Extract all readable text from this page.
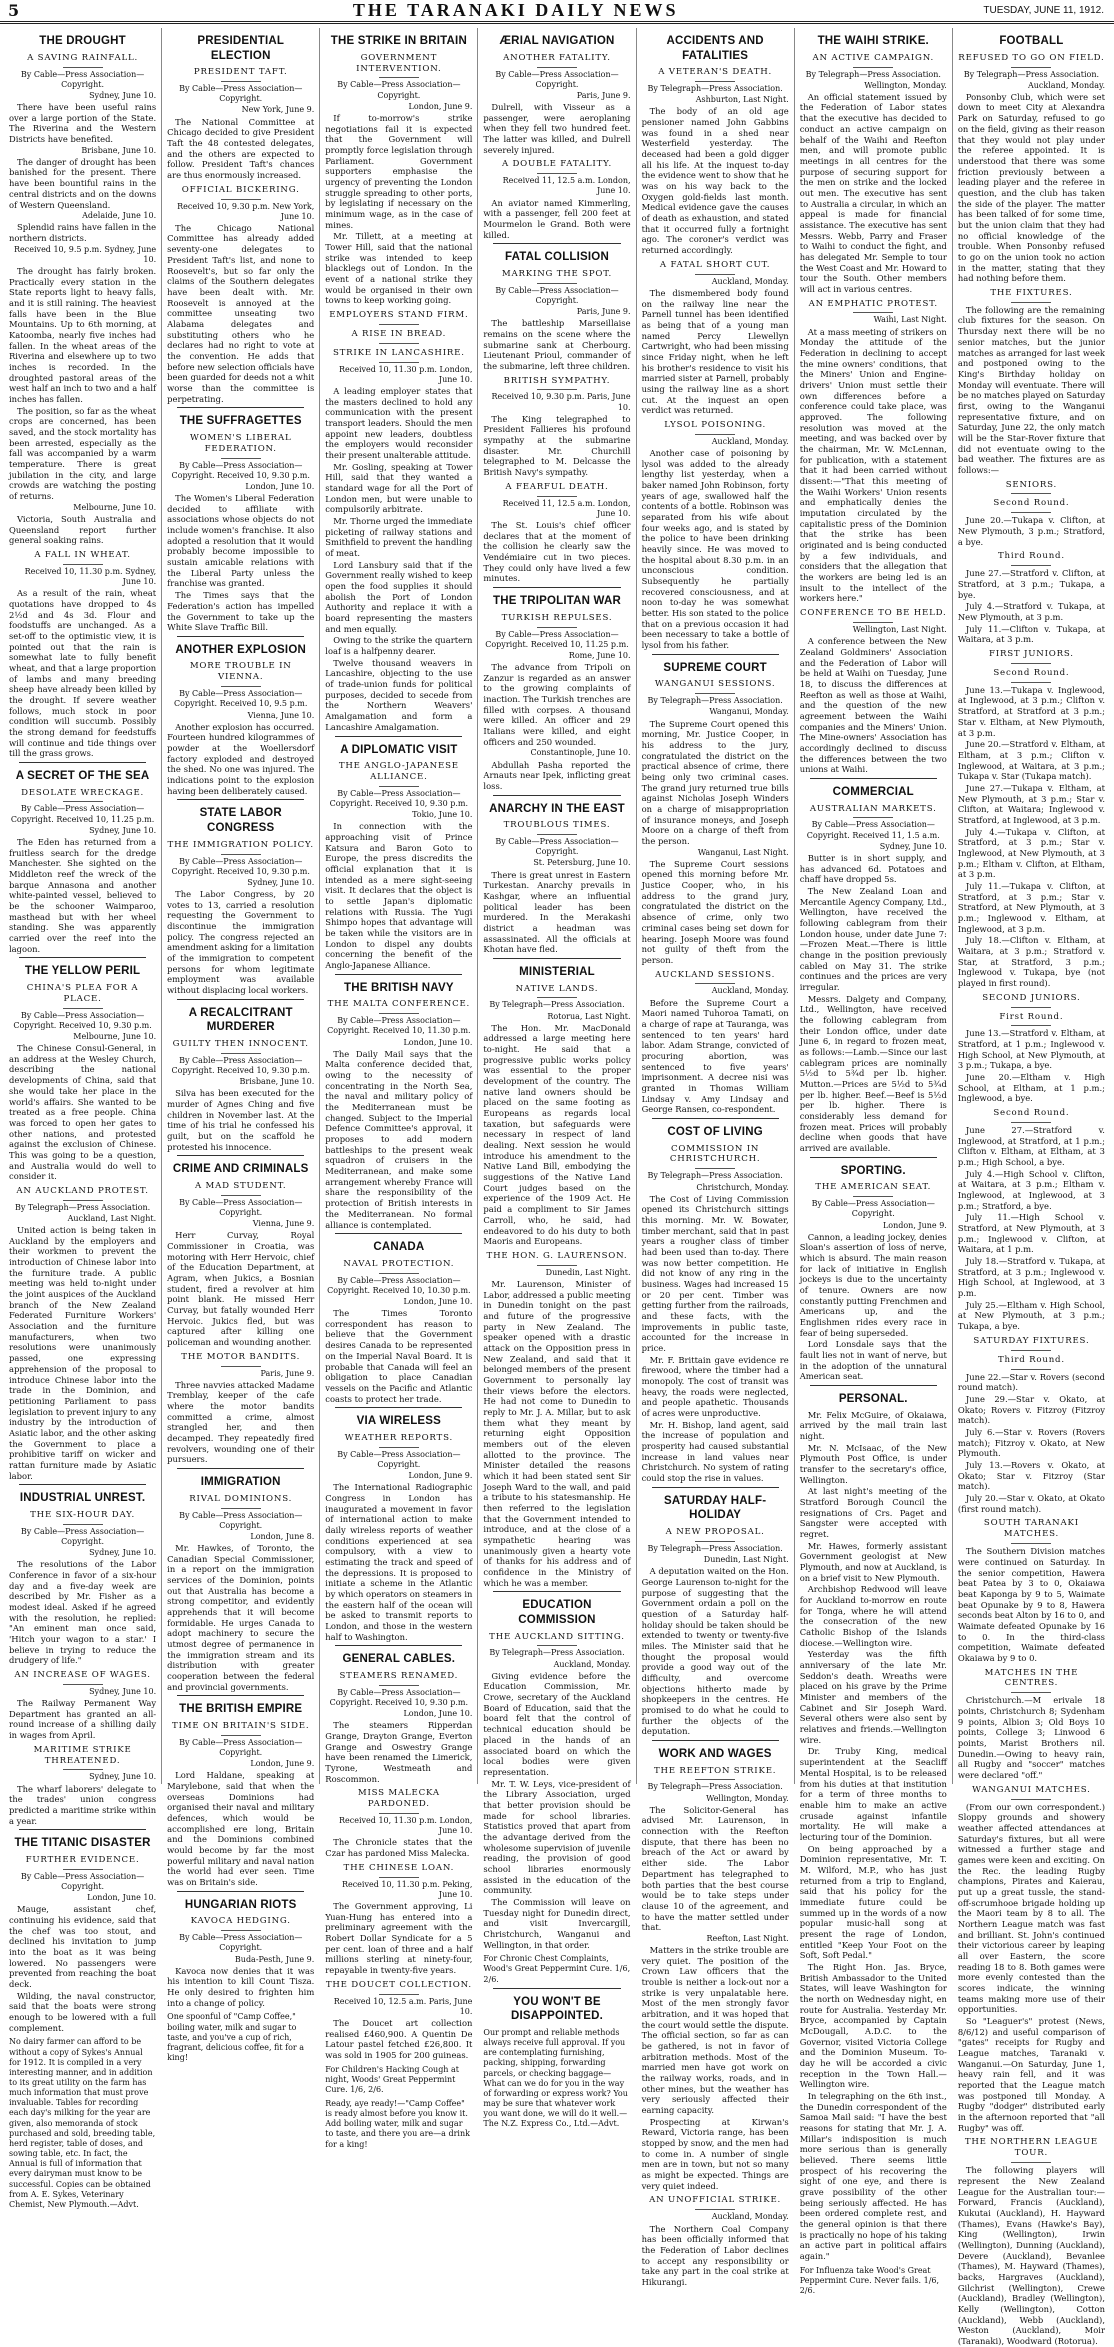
5	THE TARANAKI DAILY NEWS	TUESDAY, JUNE 11, 1912.
THE DROUGHT
A SAVING RAINFALL.
By Cable—Press Association—Copyright.
Sydney, June 10.
There have been useful rains over a large portion of the State. The Riverina and the Western Districts have benefited.
Brisbane, June 10.
The danger of drought has been banished for the present. There have been bountiful rains in the central districts and on the downs of Western Queensland.
Adelaide, June 10.
Splendid rains have fallen in the northern districts.
Received 10, 9.5 p.m. Sydney, June 10.
The drought has fairly broken. Practically every station in the State reports light to heavy falls, and it is still raining. The heaviest falls have been in the Blue Mountains. Up to 6th morning, at Katoomba, nearly five inches had fallen. In the wheat areas of the Riverina and elsewhere up to two inches is recorded. In the droughted pastoral areas of the west half an inch to two and a half inches has fallen.
The position, so far as the wheat crops are concerned, has been saved, and the stock mortality has been arrested, especially as the fall was accompanied by a warm temperature. There is great jubilation in the city, and large crowds are watching the posting of returns.
Melbourne, June 10.
Victoria, South Australia and Queensland report further general soaking rains.
A FALL IN WHEAT.
Received 10, 11.30 p.m. Sydney, June 10.
As a result of the rain, wheat quotations have dropped to 4s 2½d and 4s 3d. Flour and foodstuffs are unchanged. As a set-off to the optimistic view, it is pointed out that the rain is somewhat late to fully benefit wheat, and that a large proportion of lambs and many breeding sheep have already been killed by the drought. If severe weather follows, much stock in poor condition will succumb. Possibly the strong demand for feedstuffs will continue and tide things over till the grass grows.
A SECRET OF THE SEA
DESOLATE WRECKAGE.
By Cable—Press Association—Copyright. Received 10, 11.25 p.m.
Sydney, June 10.
The Eden has returned from a fruitless search for the dredge Manchester. She sighted on the Middleton reef the wreck of the barque Annasona and another white-painted vessel, believed to be the schooner Waimparoo, masthead but with her wheel standing. She was apparently carried over the reef into the lagoon.
THE YELLOW PERIL
CHINA'S PLEA FOR A PLACE.
By Cable—Press Association—Copyright. Received 10, 9.30 p.m.
Melbourne, June 10.
The Chinese Consul-General, in an address at the Wesley Church, describing the national developments of China, said that she would take her place in the world's affairs. She wanted to be treated as a free people. China was forced to open her gates to other nations, and protested against the exclusion of Chinese. This was going to be a question, and Australia would do well to consider it.
AN AUCKLAND PROTEST.
By Telegraph—Press Association.
Auckland, Last Night.
United action is being taken in Auckland by the employers and their workmen to prevent the introduction of Chinese labor into the furniture trade. A public meeting was held to-night under the joint auspices of the Auckland branch of the New Zealand Federated Furniture Workers' Association and the furniture manufacturers, when two resolutions were unanimously passed, one expressing apprehension of the proposal to introduce Chinese labor into the trade in the Dominion, and petitioning Parliament to pass legislation to prevent injury to any industry by the introduction of Asiatic labor, and the other asking the Government to place a prohibitive tariff on wicker and rattan furniture made by Asiatic labor.
INDUSTRIAL UNREST.
THE SIX-HOUR DAY.
By Cable—Press Association—Copyright.
Sydney, June 10.
The resolutions of the Labor Conference in favor of a six-hour day and a five-day week are described by Mr. Fisher as a modest ideal. Asked if he agreed with the resolution, he replied: "An eminent man once said, 'Hitch your wagon to a star.' I believe in trying to reduce the drudgery of life."
AN INCREASE OF WAGES.
Sydney, June 10.
The Railway Permanent Way Department has granted an all-round increase of a shilling daily in wages from April.
MARITIME STRIKE THREATENED.
Sydney, June 10.
The wharf laborers' delegate to the trades' union congress predicted a maritime strike within a year.
THE TITANIC DISASTER
FURTHER EVIDENCE.
By Cable—Press Association—Copyright.
London, June 10.
Mauge, assistant chef, continuing his evidence, said that the chef was too stout, and declined his invitation to jump into the boat as it was being lowered. No passengers were prevented from reaching the boat deck.
Wilding, the naval constructor, said that the boats were strong enough to be lowered with a full complement.
No dairy farmer can afford to be without a copy of Sykes's Annual for 1912. It is compiled in a very interesting manner, and in addition to its great utility on the farm has much information that must prove invaluable. Tables for recording each day's milking for the year are given, also memoranda of stock purchased and sold, breeding table, herd register, table of doses, and sowing table, etc. In fact, the Annual is full of information that every dairyman must know to be successful. Copies can be obtained from A. E. Sykes, Veterinary Chemist, New Plymouth.—Advt.
PRESIDENTIAL ELECTION
PRESIDENT TAFT.
By Cable—Press Association—Copyright.
New York, June 9.
The National Committee at Chicago decided to give President Taft the 48 contested delegates, and the others are expected to follow. President Taft's chances are thus enormously increased.
OFFICIAL BICKERING.
Received 10, 9.30 p.m. New York, June 10.
The Chicago National Committee has already added seventy-one delegates to President Taft's list, and none to Roosevelt's, but so far only the claims of the Southern delegates have been dealt with. Mr. Roosevelt is annoyed at the committee unseating two Alabama delegates and substituting others who he declares had no right to vote at the convention. He adds that before new selection officials have been guarded for deeds not a whit worse than the committee is perpetrating.
THE SUFFRAGETTES
WOMEN'S LIBERAL FEDERATION.
By Cable—Press Association—Copyright. Received 10, 9.30 p.m.
London, June 10.
The Women's Liberal Federation decided to affiliate with associations whose objects do not include women's franchise. It also adopted a resolution that it would probably become impossible to sustain amicable relations with the Liberal Party unless the franchise was granted.
The Times says that the Federation's action has impelled the Government to take up the White Slave Traffic Bill.
ANOTHER EXPLOSION
MORE TROUBLE IN VIENNA.
By Cable—Press Association—Copyright. Received 10, 9.5 p.m.
Vienna, June 10.
Another explosion has occurred. Fourteen hundred kilogrammes of powder at the Woellersdorf factory exploded and destroyed the shed. No one was injured. The indications point to the explosion having been deliberately caused.
STATE LABOR CONGRESS
THE IMMIGRATION POLICY.
By Cable—Press Association—Copyright. Received 10, 9.30 p.m.
Sydney, June 10.
The Labor Congress, by 20 votes to 13, carried a resolution requesting the Government to discontinue the immigration policy. The congress rejected an amendment asking for a limitation of the immigration to competent persons for whom legitimate employment was available without displacing local workers.
A RECALCITRANT MURDERER
GUILTY THEN INNOCENT.
By Cable—Press Association—Copyright. Received 10, 9.30 p.m.
Brisbane, June 10.
Silva has been executed for the murder of Agnes Ching and five children in November last. At the time of his trial he confessed his guilt, but on the scaffold he protested his innocence.
CRIME AND CRIMINALS
A MAD STUDENT.
By Cable—Press Association—Copyright.
Vienna, June 9.
Herr Curvay, Royal Commissioner in Croatia, was motoring with Herr Hervoic, chief of the Education Department, at Agram, when Jukics, a Bosnian student, fired a revolver at him point blank. He missed Herr Curvay, but fatally wounded Herr Hervoic. Jukics fled, but was captured after killing one policeman and wounding another.
THE MOTOR BANDITS.
Paris, June 9.
Three navvies attacked Madame Tremblay, keeper of the cafe where the motor bandits committed a crime, almost strangled her, and then decamped. They repeatedly fired revolvers, wounding one of their pursuers.
IMMIGRATION
RIVAL DOMINIONS.
By Cable—Press Association—Copyright.
London, June 8.
Mr. Hawkes, of Toronto, the Canadian Special Commissioner, in a report on the immigration services of the Dominion, points out that Australia has become a strong competitor, and evidently apprehends that it will become formidable. He urges Canada to adopt machinery to secure the utmost degree of permanence in the immigration stream and its distribution with greater cooperation between the federal and provincial governments.
THE BRITISH EMPIRE
TIME ON BRITAIN'S SIDE.
By Cable—Press Association—Copyright.
London, June 9.
Lord Haldane, speaking at Marylebone, said that when the overseas Dominions had organised their naval and military defences, which would be accomplished ere long, Britain and the Dominions combined would become by far the most powerful military and naval nation the world had ever seen. Time was on Britain's side.
HUNGARIAN RIOTS
KAVOCA HEDGING.
By Cable—Press Association—Copyright.
Buda-Pesth, June 9.
Kavoca now denies that it was his intention to kill Count Tisza. He only desired to frighten him into a change of policy.
One spoonful of "Camp Coffee," boiling water, milk and sugar to taste, and you've a cup of rich, fragrant, delicious coffee, fit for a king!
THE STRIKE IN BRITAIN
GOVERNMENT INTERVENTION.
By Cable—Press Association—Copyright.
London, June 9.
If to-morrow's strike negotiations fail it is expected that the Government will promptly force legislation through Parliament. Government supporters emphasise the urgency of preventing the London struggle spreading to other ports, by legislating if necessary on the minimum wage, as in the case of mines.
Mr. Tillett, at a meeting at Tower Hill, said that the national strike was intended to keep blacklegs out of London. In the event of a national strike they would be organised in their own towns to keep working going.
EMPLOYERS STAND FIRM.
A RISE IN BREAD.
STRIKE IN LANCASHIRE.
Received 10, 11.30 p.m. London, June 10.
A leading employer states that the masters declined to hold any communication with the present transport leaders. Should the men appoint new leaders, doubtless the employers would reconsider their present unalterable attitude.
Mr. Gosling, speaking at Tower Hill, said that they wanted a standard wage for all the Port of London men, but were unable to compulsorily arbitrate.
Mr. Thorne urged the immediate picketing of railway stations and Smithfield to prevent the handling of meat.
Lord Lansbury said that if the Government really wished to keep open the food supplies it should abolish the Port of London Authority and replace it with a board representing the masters and men equally.
Owing to the strike the quartern loaf is a halfpenny dearer.
Twelve thousand weavers in Lancashire, objecting to the use of trade-union funds for political purposes, decided to secede from the Northern Weavers' Amalgamation and form a Lancashire Amalgamation.
A DIPLOMATIC VISIT
THE ANGLO-JAPANESE ALLIANCE.
By Cable—Press Association—Copyright. Received 10, 9.30 p.m.
Tokio, June 10.
In connection with the approaching visit of Prince Katsura and Baron Goto to Europe, the press discredits the official explanation that it is intended as a mere sight-seeing visit. It declares that the object is to settle Japan's diplomatic relations with Russia. The Yugi Shimpo hopes that advantage will be taken while the visitors are in London to dispel any doubts concerning the benefit of the Anglo-Japanese Alliance.
THE BRITISH NAVY
THE MALTA CONFERENCE.
By Cable—Press Association—Copyright. Received 10, 11.30 p.m.
London, June 10.
The Daily Mail says that the Malta conference decided that, owing to the necessity of concentrating in the North Sea, the naval and military policy of the Mediterranean must be changed. Subject to the Imperial Defence Committee's approval, it proposes to add modern battleships to the present weak squadron of cruisers in the Mediterranean, and make some arrangement whereby France will share the responsibility of the protection of British interests in the Mediterranean. No formal alliance is contemplated.
CANADA
NAVAL PROTECTION.
By Cable—Press Association—Copyright. Received 10, 10.30 p.m.
London, June 10.
The Times Toronto correspondent has reason to believe that the Government desires Canada to be represented on the Imperial Naval Board. It is probable that Canada will feel an obligation to place Canadian vessels on the Pacific and Atlantic coasts to protect her trade.
VIA WIRELESS
WEATHER REPORTS.
By Cable—Press Association—Copyright.
London, June 9.
The International Radiographic Congress in London has inaugurated a movement in favor of international action to make daily wireless reports of weather conditions experienced at sea compulsory, with a view to estimating the track and speed of the depressions. It is proposed to initiate a scheme in the Atlantic by which operators on steamers in the eastern half of the ocean will be asked to transmit reports to London, and those in the western half to Washington.
GENERAL CABLES.
STEAMERS RENAMED.
By Cable—Press Association—Copyright. Received 10, 9.30 p.m.
London, June 10.
The steamers Ripperdan Grange, Drayton Grange, Everton Grange and Oswestry Grange have been renamed the Limerick, Tyrone, Westmeath and Roscommon.
MISS MALECKA PARDONED.
Received 10, 11.30 p.m. London, June 10.
The Chronicle states that the Czar has pardoned Miss Malecka.
THE CHINESE LOAN.
Received 10, 11.30 p.m. Peking, June 10.
The Government approving, Li Yuan-Hung has entered into a preliminary agreement with the Robert Dollar Syndicate for a 5 per cent. loan of three and a half millions sterling at ninety-four, repayable in twenty-five years.
THE DOUCET COLLECTION.
Received 10, 12.5 a.m. Paris, June 10.
The Doucet art collection realised £460,900. A Quentin De Latour pastel fetched £26,800. It was sold in 1905 for 200 guineas.
For Children's Hacking Cough at night, Woods' Great Peppermint Cure. 1/6, 2/6.
Ready, aye ready!—"Camp Coffee" is ready almost before you know it. Add boiling water, milk and sugar to taste, and there you are—a drink for a king!
ÆRIAL NAVIGATION
ANOTHER FATALITY.
By Cable—Press Association—Copyright.
Paris, June 9.
Dulrell, with Visseur as a passenger, were aeroplaning when they fell two hundred feet. The latter was killed, and Dulrell severely injured.
A DOUBLE FATALITY.
Received 11, 12.5 a.m. London, June 10.
An aviator named Kimmerling, with a passenger, fell 200 feet at Mourmelon le Grand. Both were killed.
FATAL COLLISION
MARKING THE SPOT.
By Cable—Press Association—Copyright.
Paris, June 9.
The battleship Marseillaise remains on the scene where the submarine sank at Cherbourg. Lieutenant Prioul, commander of the submarine, left three children.
BRITISH SYMPATHY.
Received 10, 9.30 p.m. Paris, June 10.
The King telegraphed to President Fallieres his profound sympathy at the submarine disaster. Mr. Churchill telegraphed to M. Delcasse the British Navy's sympathy.
A FEARFUL DEATH.
Received 11, 12.5 a.m. London, June 10.
The St. Louis's chief officer declares that at the moment of the collision he clearly saw the Vendémiaire cut in two pieces. They could only have lived a few minutes.
THE TRIPOLITAN WAR
TURKISH REPULSES.
By Cable—Press Association—Copyright. Received 10, 11.25 p.m.
Rome, June 10.
The advance from Tripoli on Zanzur is regarded as an answer to the growing complaints of inaction. The Turkish trenches are filled with corpses. A thousand were killed. An officer and 29 Italians were killed, and eight officers and 250 wounded.
Constantinople, June 10.
Abdullah Pasha reported the Arnauts near Ipek, inflicting great loss.
ANARCHY IN THE EAST
TROUBLOUS TIMES.
By Cable—Press Association—Copyright.
St. Petersburg, June 10.
There is great unrest in Eastern Turkestan. Anarchy prevails in Kashgar, where an influential political leader has been murdered. In the Merakashi district a headman was assassinated. All the officials at Khotan have fled.
MINISTERIAL
NATIVE LANDS.
By Telegraph—Press Association.
Rotorua, Last Night.
The Hon. Mr. MacDonald addressed a large meeting here to-night. He said that a progressive public works policy was essential to the proper development of the country. The native land owners should be placed on the same footing as Europeans as regards local taxation, but safeguards were necessary in respect of land dealing. Next session he would introduce his amendment to the Native Land Bill, embodying the suggestions of the Native Land Court judges based on the experience of the 1909 Act. He paid a compliment to Sir James Carroll, who, he said, had endeavored to do his duty to both Maoris and Europeans.
THE HON. G. LAURENSON.
Dunedin, Last Night.
Mr. Laurenson, Minister of Labor, addressed a public meeting in Dunedin tonight on the past and future of the progressive party in New Zealand. The speaker opened with a drastic attack on the Opposition press in New Zealand, and said that it belonged members of the present Government to personally lay their views before the electors. He had not come to Dunedin to reply to Mr. J. A. Millar, but to ask them what they meant by returning eight Opposition members out of the eleven allotted to the province. The Minister detailed the reasons which it had been stated sent Sir Joseph Ward to the wall, and paid a tribute to his statesmanship. He then referred to the legislation that the Government intended to introduce, and at the close of a sympathetic hearing was unanimously given a hearty vote of thanks for his address and of confidence in the Ministry of which he was a member.
EDUCATION COMMISSION
THE AUCKLAND SITTING.
By Telegraph—Press Association.
Auckland, Monday.
Giving evidence before the Education Commission, Mr. Crowe, secretary of the Auckland Board of Education, said that the board felt that the control of technical education should be placed in the hands of an associated board on which the local bodies were given representation.
Mr. T. W. Leys, vice-president of the Library Association, urged that better provision should be made for school libraries. Statistics proved that apart from the advantage derived from the wholesome supervision of juvenile reading, the provision of good school libraries enormously assisted in the education of the community.
The Commission will leave on Tuesday night for Dunedin direct, and visit Invercargill, Christchurch, Wanganui and Wellington, in that order.
For Chronic Chest Complaints, Wood's Great Peppermint Cure. 1/6, 2/6.
YOU WON'T BE DISAPPOINTED.
Our prompt and reliable methods always receive full approval. If you are contemplating furnishing, packing, shipping, forwarding parcels, or checking baggage—What can we do for you in the way of forwarding or express work? You may be sure that whatever work you want done, we will do it well.—The N.Z. Express Co., Ltd.—Advt.
ACCIDENTS AND FATALITIES
A VETERAN'S DEATH.
By Telegraph—Press Association.
Ashburton, Last Night.
The body of an old age pensioner named John Gabbins was found in a shed near Westerfield yesterday. The deceased had been a gold digger all his life. At the inquest to-day the evidence went to show that he was on his way back to the Oxygen gold-fields last month. Medical evidence gave the causes of death as exhaustion, and stated that it occurred fully a fortnight ago. The coroner's verdict was returned accordingly.
A FATAL SHORT CUT.
Auckland, Monday.
The dismembered body found on the railway line near the Parnell tunnel has been identified as being that of a young man named Percy Llewellyn Cartwright, who had been missing since Friday night, when he left his brother's residence to visit his married sister at Parnell, probably using the railway line as a short cut. At the inquest an open verdict was returned.
LYSOL POISONING.
Auckland, Monday.
Another case of poisoning by lysol was added to the already lengthy list yesterday, when a baker named John Robinson, forty years of age, swallowed half the contents of a bottle. Robinson was separated from his wife about four weeks ago, and is stated by the police to have been drinking heavily since. He was moved to the hospital about 8.30 p.m. in an unconscious condition. Subsequently he partially recovered consciousness, and at noon to-day he was somewhat better. His son stated to the police that on a previous occasion it had been necessary to take a bottle of lysol from his father.
SUPREME COURT
WANGANUI SESSIONS.
By Telegraph—Press Association.
Wanganui, Monday.
The Supreme Court opened this morning, Mr. Justice Cooper, in his address to the jury, congratulated the district on the practical absence of crime, there being only two criminal cases. The grand jury returned true bills against Nicholas Joseph Winders on a charge of misappropriation of insurance moneys, and Joseph Moore on a charge of theft from the person.
Wanganui, Last Night.
The Supreme Court sessions opened this morning before Mr. Justice Cooper, who, in his address to the grand jury, congratulated the district on the absence of crime, only two criminal cases being set down for hearing. Joseph Moore was found not guilty of theft from the person.
AUCKLAND SESSIONS.
Auckland, Monday.
Before the Supreme Court a Maori named Tuhoroa Tamati, on a charge of rape at Tauranga, was sentenced to ten years' hard labor. Adam Strange, convicted of procuring abortion, was sentenced to five years' imprisonment. A decree nisi was granted in Thomas William Lindsay v. Amy Lindsay and George Ransen, co-respondent.
COST OF LIVING
COMMISSION IN CHRISTCHURCH.
By Telegraph—Press Association.
Christchurch, Monday.
The Cost of Living Commission opened its Christchurch sittings this morning. Mr. W. Bowater, timber merchant, said that in past years a rougher class of timber had been used than to-day. There was now better competition. He did not know of any ring in the business. Wages had increased 15 or 20 per cent. Timber was getting further from the railroads, and these facts, with the improvements in public taste, accounted for the increase in price.
Mr. F. Brittain gave evidence re firewood, where the timber had a monopoly. The cost of transit was heavy, the roads were neglected, and people apathetic. Thousands of acres were unproductive.
Mr. H. Bishop, land agent, said the increase of population and prosperity had caused substantial increase in land values near Christchurch. No system of rating could stop the rise in values.
SATURDAY HALF-HOLIDAY
A NEW PROPOSAL.
By Telegraph—Press Association.
Dunedin, Last Night.
A deputation waited on the Hon. George Laurenson to-night for the purpose of suggesting that the Government ordain a poll on the question of a Saturday half-holiday should be taken should be extended to twenty or twenty-five miles. The Minister said that he thought the proposal would provide a good way out of the difficulty, and overcome objections hitherto made by shopkeepers in the centres. He promised to do what he could to further the objects of the deputation.
WORK AND WAGES
THE REEFTON STRIKE.
By Telegraph—Press Association.
Wellington, Monday.
The Solicitor-General has advised Mr. Laurenson, in connection with the Reefton dispute, that there has been no breach of the Act or award by either side. The Labor Department has telegraphed to both parties that the best course would be to take steps under clause 10 of the agreement, and to have the matter settled under that.
Reefton, Last Night.
Matters in the strike trouble are very quiet. The position of the Crown Law officers that the trouble is neither a lock-out nor a strike is very unpalatable here. Most of the men strongly favor arbitration, and it was hoped that the court would settle the dispute. The official section, so far as can be gathered, is not in favor of arbitration methods. Most of the married men have got work on the railway works, roads, and in other mines, but the weather has very seriously affected their earning capacity.
Prospecting at Kirwan's Reward, Victoria range, has been stopped by snow, and the men had to come in. A number of single men are in town, but not so many as might be expected. Things are very quiet indeed.
AN UNOFFICIAL STRIKE.
Auckland, Monday.
The Northern Coal Company has been officially informed that the Federation of Labor declines to accept any responsibility or take any part in the coal strike at Hikurangi.
THE WAIHI STRIKE.
AN ACTIVE CAMPAIGN.
By Telegraph—Press Association.
Wellington, Monday.
An official statement issued by the Federation of Labor states that the executive has decided to conduct an active campaign on behalf of the Waihi and Reefton men, and will promote public meetings in all centres for the purpose of securing support for the men on strike and the locked out men. The executive has sent to Australia a circular, in which an appeal is made for financial assistance. The executive has sent Messrs. Webb, Parry and Fraser to Waihi to conduct the fight, and has delegated Mr. Semple to tour the West Coast and Mr. Howard to tour the South. Other members will act in various centres.
AN EMPHATIC PROTEST.
Waihi, Last Night.
At a mass meeting of strikers on Monday the attitude of the Federation in declining to accept the mine owners' conditions, that the Miners' Union and Engine-drivers' Union must settle their own differences before a conference could take place, was approved. The following resolution was moved at the meeting, and was backed over by the chairman, Mr. W. McLennan, for publication, with a statement that it had been carried without dissent:—"That this meeting of the Waihi Workers' Union resents and emphatically denies the imputation circulated by the capitalistic press of the Dominion that the strike has been originated and is being conducted by a few individuals, and considers that the allegation that the workers are being led is an insult to the intellect of the workers here."
CONFERENCE TO BE HELD.
Wellington, Last Night.
A conference between the New Zealand Goldminers' Association and the Federation of Labor will be held at Waihi on Tuesday, June 18, to discuss the differences at Reefton as well as those at Waihi, and the question of the new agreement between the Waihi companies and the Miners' Union. The Mine-owners' Association has accordingly declined to discuss the differences between the two unions at Waihi.
COMMERCIAL
AUSTRALIAN MARKETS.
By Cable—Press Association—Copyright. Received 11, 1.5 a.m.
Sydney, June 10.
Butter is in short supply, and has advanced 6d. Potatoes and chaff have dropped 5s.
The New Zealand Loan and Mercantile Agency Company, Ltd., Wellington, have received the following cablegram from their London house, under date June 7:—Frozen Meat.—There is little change in the position previously cabled on May 31. The strike continues and the prices are very irregular.
Messrs. Dalgety and Company, Ltd., Wellington, have received the following cablegram from their London office, under date June 6, in regard to frozen meat, as follows:—Lamb.—Since our last cablegram prices are nominally 5½d to 5¾d per lb. higher. Mutton.—Prices are 5½d to 5¾d per lb. higher. Beef.—Beef is 5½d per lb. higher. There is considerably less demand for frozen meat. Prices will probably decline when goods that have arrived are available.
SPORTING.
THE AMERICAN SEAT.
By Cable—Press Association—Copyright.
London, June 9.
Cannon, a leading jockey, denies Sloan's assertion of loss of nerve, which is absurd. The main reason for lack of initiative in English jockeys is due to the uncertainty of tenure. Owners are now constantly putting Frenchmen and Americans up, and the Englishmen rides every race in fear of being superseded.
Lord Lonsdale says that the fault lies not in want of nerve, but in the adoption of the unnatural American seat.
PERSONAL.
Mr. Felix McGuire, of Okaiawa, arrived by the mail train last night.
Mr. N. McIsaac, of the New Plymouth Post Office, is under transfer to the secretary's office, Wellington.
At last night's meeting of the Stratford Borough Council the resignations of Crs. Paget and Sangster were accepted with regret.
Mr. Hawes, formerly assistant Government geologist at New Plymouth, and now at Auckland, is on a brief visit to New Plymouth.
Archbishop Redwood will leave for Auckland to-morrow en route for Tonga, where he will attend the consecration of the new Catholic Bishop of the Islands diocese.—Wellington wire.
Yesterday was the fifth anniversary of the late Mr. Seddon's death. Wreaths were placed on his grave by the Prime Minister and members of the Cabinet and Sir Joseph Ward. Several others were also sent by relatives and friends.—Wellington wire.
Dr. Truby King, medical superintendent at the Seacliff Mental Hospital, is to be released from his duties at that institution for a term of three months to enable him to make an active crusade against infantile mortality. He will make a lecturing tour of the Dominion.
On being approached by a Dominion representative, Mr. T. M. Wilford, M.P., who has just returned from a trip to England, said that his policy for the immediate future could be summed up in the words of a now popular music-hall song at present the rage of London, entitled "Keep Your Foot on the Soft, Soft Pedal."
The Right Hon. Jas. Bryce, British Ambassador to the United States, will leave Washington for the north on Wednesday night, en route for Australia. Yesterday Mr. Bryce, accompanied by Captain McDougall, A.D.C. to the Governor, visited Victoria College and the Dominion Museum. To-day he will be accorded a civic reception in the Town Hall.—Wellington wire.
In telegraphing on the 6th inst., the Dunedin correspondent of the Samoa Mail said: "I have the best reasons for stating that Mr. J. A. Millar's indisposition is much more serious than is generally believed. There seems little prospect of his recovering the sight of one eye, and there is grave possibility of the other being seriously affected. He has been ordered complete rest, and the general opinion is that there is practically no hope of his taking an active part in political affairs again."
For Influenza take Wood's Great Peppermint Cure. Never fails. 1/6, 2/6.
FOOTBALL
REFUSED TO GO ON FIELD.
By Telegraph—Press Association.
Auckland, Monday.
Ponsonby Club, which were set down to meet City at Alexandra Park on Saturday, refused to go on the field, giving as their reason that they would not play under the referee appointed. It is understood that there was some friction previously between a leading player and the referee in question, and the club has taken the side of the player. The matter has been talked of for some time, but the union claim that they had no official knowledge of the trouble. When Ponsonby refused to go on the union took no action in the matter, stating that they had nothing before them.
THE FIXTURES.
The following are the remaining club fixtures for the season. On Thursday next there will be no senior matches, but the junior matches as arranged for last week and postponed owing to the King's Birthday holiday on Monday will eventuate. There will be no matches played on Saturday first, owing to the Wanganui representative fixture, and on Saturday, June 22, the only match will be the Star-Rover fixture that did not eventuate owing to the bad weather. The fixtures are as follows:—
SENIORS.
Second Round.
June 20.—Tukapa v. Clifton, at New Plymouth, 3 p.m.; Stratford, a bye.
Third Round.
June 27.—Stratford v. Clifton, at Stratford, at 3 p.m.; Tukapa, a bye.
July 4.—Stratford v. Tukapa, at New Plymouth, at 3 p.m.
July 11.—Clifton v. Tukapa, at Waitara, at 3 p.m.
FIRST JUNIORS.
Second Round.
June 13.—Tukapa v. Inglewood, at Inglewood, at 3 p.m.; Clifton v. Stratford, at Stratford at 3 p.m.; Star v. Eltham, at New Plymouth, at 3 p.m.
June 20.—Stratford v. Eltham, at Eltham, at 3 p.m.; Clifton v. Inglewood, at Waitara, at 3 p.m.; Tukapa v. Star (Tukapa match).
June 27.—Tukapa v. Eltham, at New Plymouth, at 3 p.m.; Star v. Clifton, at Waitara; Inglewood v. Stratford, at Inglewood, at 3 p.m.
July 4.—Tukapa v. Clifton, at Stratford, at 3 p.m.; Star v. Inglewood, at New Plymouth, at 3 p.m.; Eltham v. Clifton, at Eltham, at 3 p.m.
July 11.—Tukapa v. Clifton, at Stratford, at 3 p.m.; Star v. Stratford, at New Plymouth, at 3 p.m.; Inglewood v. Eltham, at Inglewood, at 3 p.m.
July 18.—Clifton v. Eltham, at Waitara, at 3 p.m.; Stratford v. Star, at Stratford, 3 p.m.; Inglewood v. Tukapa, bye (not played in first round).
SECOND JUNIORS.
First Round.
June 13.—Stratford v. Eltham, at Stratford, at 1 p.m.; Inglewood v. High School, at New Plymouth, at 3 p.m.; Tukapa, a bye.
June 20.—Eltham v. High School, at Eltham, at 1 p.m.; Inglewood, a bye.
Second Round.
June 27.—Stratford v. Inglewood, at Stratford, at 1 p.m.; Clifton v. Eltham, at Eltham, at 3 p.m.; High School, a bye.
July 4.—High School v. Clifton, at Waitara, at 3 p.m.; Eltham v. Inglewood, at Inglewood, at 3 p.m.; Stratford, a bye.
July 11.—High School v. Stratford, at New Plymouth, at 3 p.m.; Inglewood v. Clifton, at Waitara, at 1 p.m.
July 18.—Stratford v. Tukapa, at Stratford, at 3 p.m.; Inglewood v. High School, at Inglewood, at 3 p.m.
July 25.—Eltham v. High School, at New Plymouth, at 3 p.m.; Tukapa, a bye.
SATURDAY FIXTURES.
Third Round.
June 22.—Star v. Rovers (second round match).
June 29.—Star v. Okato, at Okato; Rovers v. Fitzroy (Fitzroy match).
July 6.—Star v. Rovers (Rovers match); Fitzroy v. Okato, at New Plymouth.
July 13.—Rovers v. Okato, at Okato; Star v. Fitzroy (Star match).
July 20.—Star v. Okato, at Okato (first round match).
SOUTH TARANAKI MATCHES.
The Southern Division matches were continued on Saturday. In the senior competition, Hawera beat Patea by 3 to 0, Okaiawa beat Kaponga by 9 to 5, Waimate beat Opunake by 9 to 8, Hawera seconds beat Alton by 16 to 0, and Waimate defeated Opunake by 16 to 0. In the third-class competition, Waimate defeated Okaiawa by 9 to 0.
MATCHES IN THE CENTRES.
Christchurch.—M erivale 18 points, Christchurch 8; Sydenham 9 points, Albion 3; Old Boys 10 points, College 3; Linwood 6 points, Marist Brothers nil. Dunedin.—Owing to heavy rain, all Rugby and "soccer" matches were declared "off."
WANGANUI MATCHES.
(From our own correspondent.) Sloppy grounds and showery weather affected attendances at Saturday's fixtures, but all were witnessed a further stage and games were keen and exciting. On the Rec. the leading Rugby champions, Pirates and Kaierau, put up a great tussle, the stand-off-scrumhooe brigade holding up the Maori team by 8 to all. The Northern League match was fast and brilliant. St. John's continued their victorious career by leaping all over Eastern, the score reading 18 to 8. Both games were more evenly contested than the scores indicate, the winning teams making more use of their opportunities.
So "Leaguer's" protest (News, 8/6/12) and useful comparison of "gates" receipts for Rugby and League matches, Taranaki v. Wanganui.—On Saturday, June 1, heavy rain fell, and it was reported that the League match was postponed till Monday. A Rugby "dodger" distributed early in the afternoon reported that "all Rugby" was off.
THE NORTHERN LEAGUE TOUR.
The following players will represent the New Zealand League for the Australian tour:—Forward, Francis (Auckland), Kukutai (Auckland), H. Hayward (Thames), Evans (Hawke's Bay), King (Wellington), Irwin (Wellington), Dunning (Auckland), Devere (Auckland), Bevanlee (Thames), M. Hayward (Thames), backs, Hargraves (Auckland), Gilchrist (Wellington), Crewe (Auckland), Bradley (Wellington), Kelly (Wellington), Cotton (Auckland), Webb (Auckland), Weston (Auckland), Moir (Taranaki), Woodward (Rotorua).
